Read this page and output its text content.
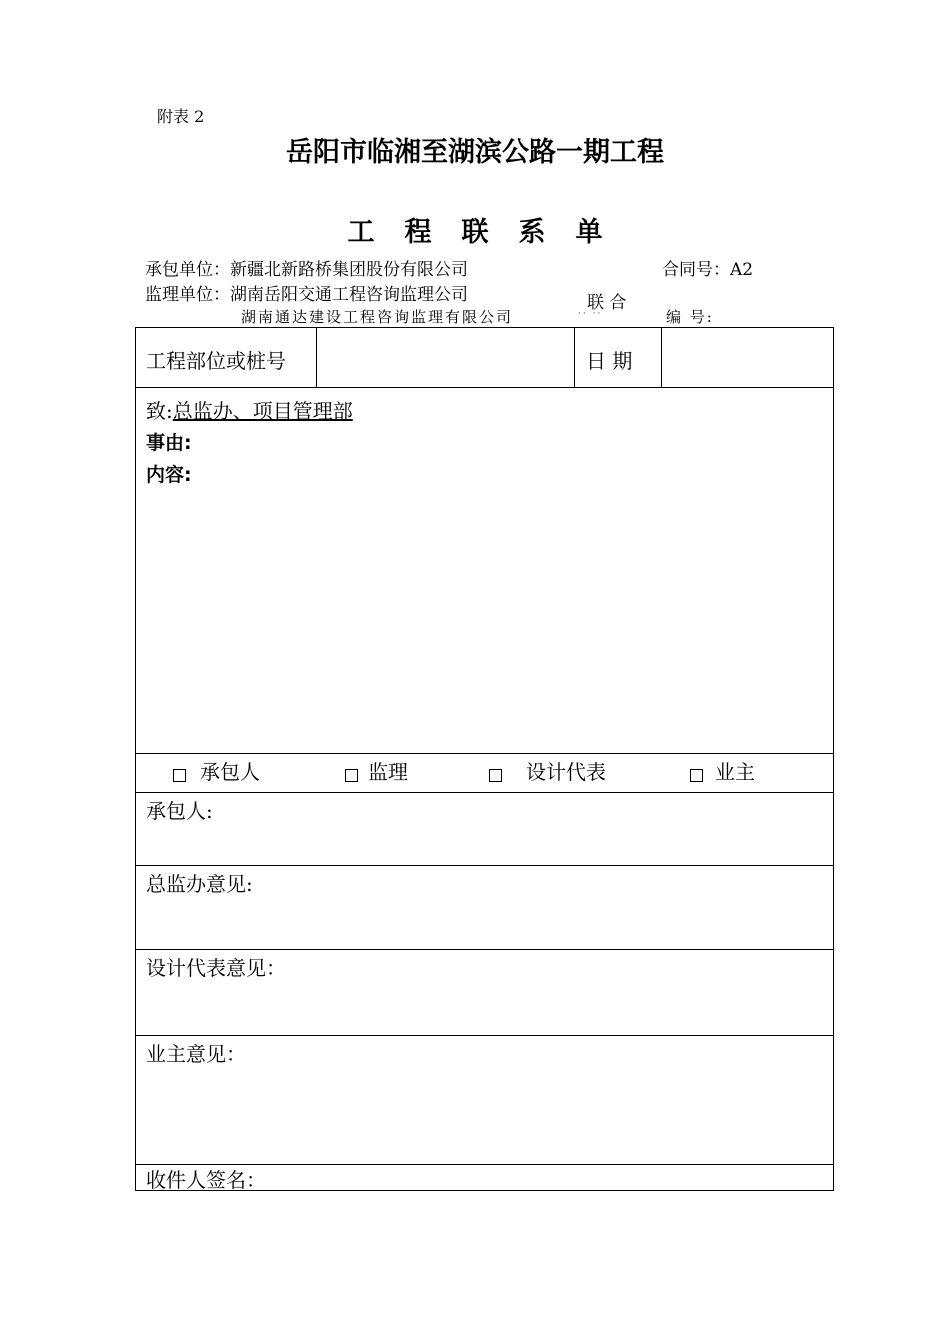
附表 2
岳阳市临湘至湖滨公路一期工程
工程联系单
承包单位：新疆北新路桥集团股份有限公司	合同号：A2
监理单位：湖南岳阳交通工程咨询监理公司	联 合
湖南通达建设工程咨询监理有限公司	·· ··	编 号:
工程部位或桩号	日 期
致:总监办、项目管理部
事由:
内容:
承包人	监理	设计代表	业主
承包人:
总监办意见:
设计代表意见：
业主意见：
收件人签名：
